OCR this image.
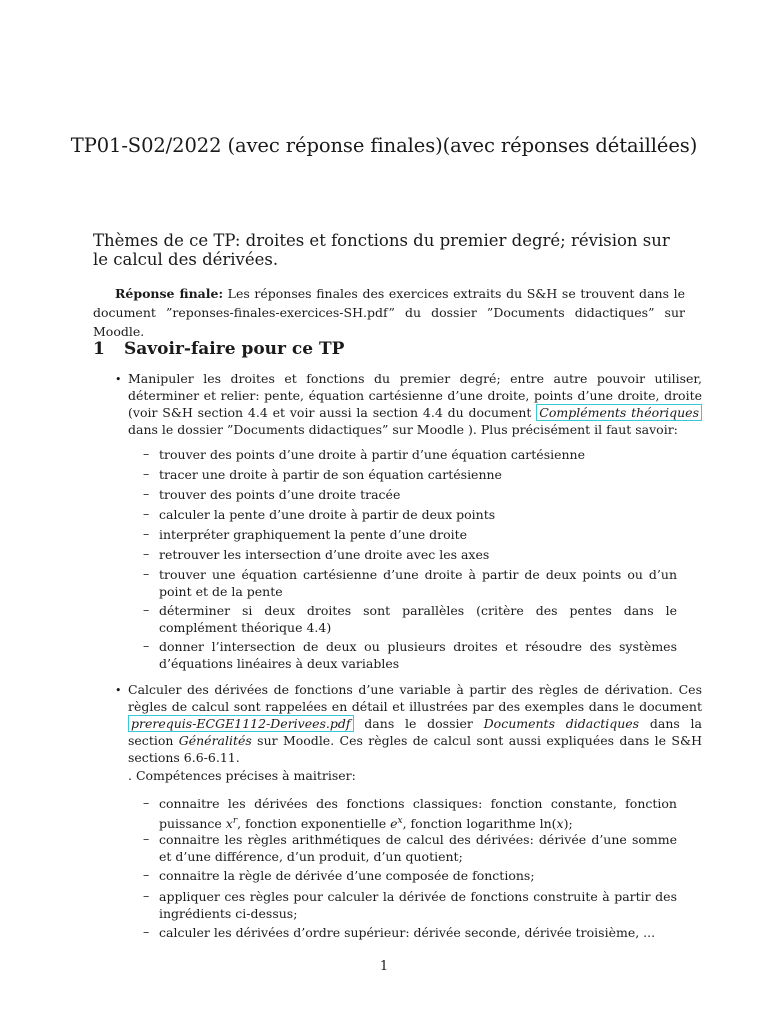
TP01-S02/2022 (avec réponse finales)(avec réponses détaillées)
Thèmes de ce TP: droites et fonctions du premier degré; révision sur le calcul des dérivées.
Réponse finale: Les réponses finales des exercices extraits du S&H se trouvent dans le document ”reponses-finales-exercices-SH.pdf” du dossier ”Documents didactiques” sur Moodle.
1 Savoir-faire pour ce TP
• Manipuler les droites et fonctions du premier degré; entre autre pouvoir utiliser, déterminer et relier: pente, équation cartésienne d’une droite, points d’une droite, droite (voir S&H section 4.4 et voir aussi la section 4.4 du document Compléments théoriques dans le dossier ”Documents didactiques” sur Moodle ). Plus précisément il faut savoir:
– trouver des points d’une droite à partir d’une équation cartésienne
– tracer une droite à partir de son équation cartésienne
– trouver des points d’une droite tracée
– calculer la pente d’une droite à partir de deux points
– interpréter graphiquement la pente d’une droite
– retrouver les intersection d’une droite avec les axes
– trouver une équation cartésienne d’une droite à partir de deux points ou d’un point et de la pente
– déterminer si deux droites sont parallèles (critère des pentes dans le complément théorique 4.4)
– donner l’intersection de deux ou plusieurs droites et résoudre des systèmes d’équations linéaires à deux variables
• Calculer des dérivées de fonctions d’une variable à partir des règles de dérivation. Ces règles de calcul sont rappelées en détail et illustrées par des exemples dans le document prerequis-ECGE1112-Derivees.pdf dans le dossier Documents didactiques dans la section Généralités sur Moodle. Ces règles de calcul sont aussi expliquées dans le S&H sections 6.6-6.11.
. Compétences précises à maitriser:
– connaitre les dérivées des fonctions classiques: fonction constante, fonction puissance $x^r$, fonction exponentielle $e^x$, fonction logarithme ln(x);
– connaitre les règles arithmétiques de calcul des dérivées: dérivée d’une somme et d’une différence, d’un produit, d’un quotient;
– connaitre la règle de dérivée d’une composée de fonctions;
– appliquer ces règles pour calculer la dérivée de fonctions construite à partir des ingrédients ci-dessus;
– calculer les dérivées d’ordre supérieur: dérivée seconde, dérivée troisième, ...
1
